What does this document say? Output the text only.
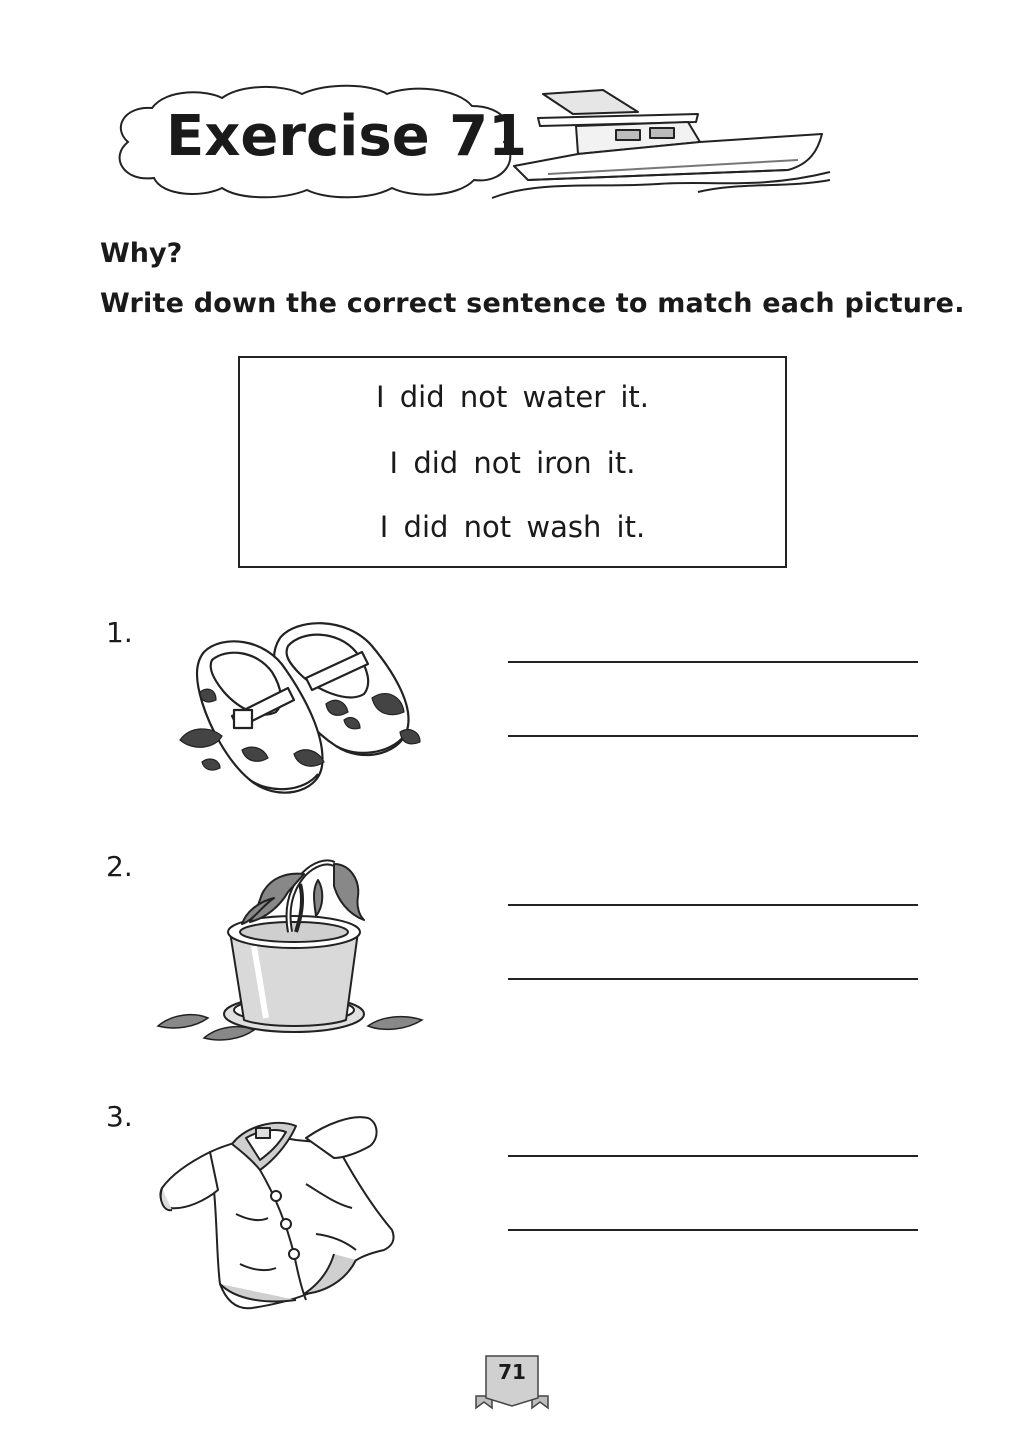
Exercise 71
Why?
Write down the correct sentence to match each picture.
I did not water it.
I did not iron it.
I did not wash it.
1.
2.
3.
71
